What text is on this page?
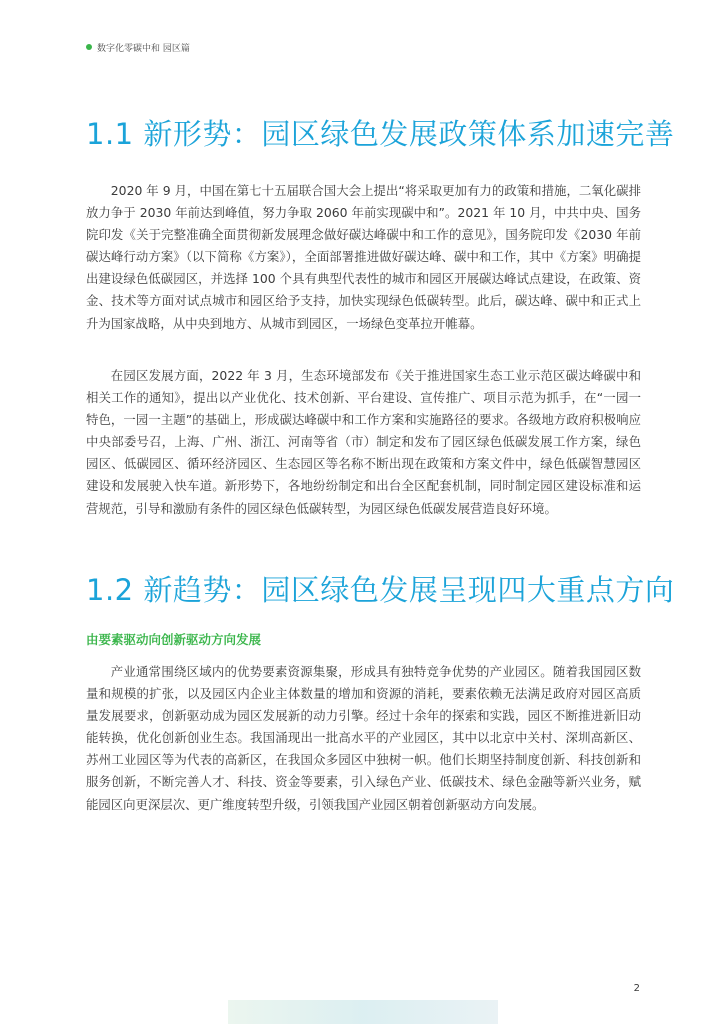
数字化零碳中和 园区篇
1.1 新形势：园区绿色发展政策体系加速完善

2020 年 9 月，中国在第七十五届联合国大会上提出“将采取更加有力的政策和措施，二氧化碳排放力争于 2030 年前达到峰值，努力争取 2060 年前实现碳中和”。2021 年 10 月，中共中央、国务院印发《关于完整准确全面贯彻新发展理念做好碳达峰碳中和工作的意见》，国务院印发《2030 年前碳达峰行动方案》（以下简称《方案》），全面部署推进做好碳达峰、碳中和工作，其中《方案》明确提出建设绿色低碳园区，并选择 100 个具有典型代表性的城市和园区开展碳达峰试点建设，在政策、资金、技术等方面对试点城市和园区给予支持，加快实现绿色低碳转型。此后，碳达峰、碳中和正式上升为国家战略，从中央到地方、从城市到园区，一场绿色变革拉开帷幕。

在园区发展方面，2022 年 3 月，生态环境部发布《关于推进国家生态工业示范区碳达峰碳中和相关工作的通知》，提出以产业优化、技术创新、平台建设、宣传推广、项目示范为抓手，在“一园一特色，一园一主题”的基础上，形成碳达峰碳中和工作方案和实施路径的要求。各级地方政府积极响应中央部委号召，上海、广州、浙江、河南等省（市）制定和发布了园区绿色低碳发展工作方案，绿色园区、低碳园区、循环经济园区、生态园区等名称不断出现在政策和方案文件中，绿色低碳智慧园区建设和发展驶入快车道。新形势下，各地纷纷制定和出台全区配套机制，同时制定园区建设标准和运营规范，引导和激励有条件的园区绿色低碳转型，为园区绿色低碳发展营造良好环境。

1.2 新趋势：园区绿色发展呈现四大重点方向
由要素驱动向创新驱动方向发展

产业通常围绕区域内的优势要素资源集聚，形成具有独特竞争优势的产业园区。随着我国园区数量和规模的扩张，以及园区内企业主体数量的增加和资源的消耗，要素依赖无法满足政府对园区高质量发展要求，创新驱动成为园区发展新的动力引擎。经过十余年的探索和实践，园区不断推进新旧动能转换，优化创新创业生态。我国涌现出一批高水平的产业园区，其中以北京中关村、深圳高新区、苏州工业园区等为代表的高新区，在我国众多园区中独树一帜。他们长期坚持制度创新、科技创新和服务创新，不断完善人才、科技、资金等要素，引入绿色产业、低碳技术、绿色金融等新兴业务，赋能园区向更深层次、更广维度转型升级，引领我国产业园区朝着创新驱动方向发展。

2
